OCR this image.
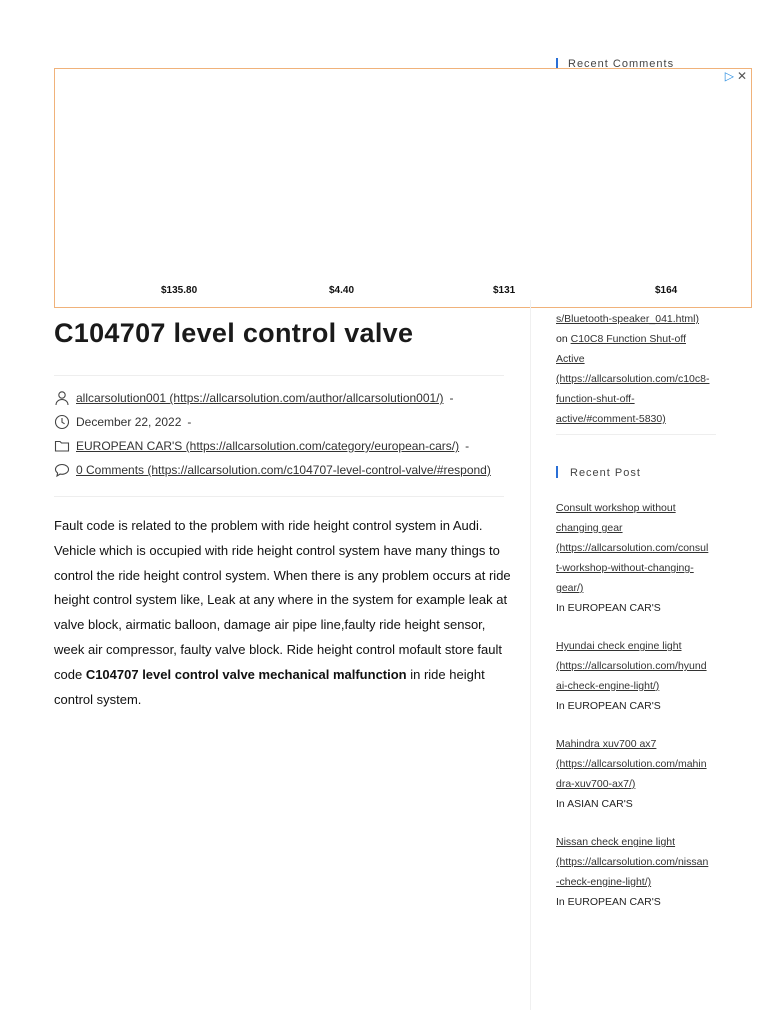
▷ ✕
$135.80	$4.40	$131	$164
Recent Comments
s/Bluetooth-speaker_041.html)
on C10C8 Function Shut-off
Active
(https://allcarsolution.com/c10c8-
function-shut-off-
active/#comment-5830)
Recent Post
Consult workshop without
changing gear
(https://allcarsolution.com/consul
t-workshop-without-changing-
gear/)
In EUROPEAN CAR'S
Hyundai check engine light
(https://allcarsolution.com/hyund
ai-check-engine-light/)
In EUROPEAN CAR'S
Mahindra xuv700 ax7
(https://allcarsolution.com/mahin
dra-xuv700-ax7/)
In ASIAN CAR'S
Nissan check engine light
(https://allcarsolution.com/nissan
-check-engine-light/)
In EUROPEAN CAR'S
C104707 level control valve
allcarsolution001 (https://allcarsolution.com/author/allcarsolution001/) -
December 22, 2022 -
EUROPEAN CAR'S (https://allcarsolution.com/category/european-cars/) -
0 Comments (https://allcarsolution.com/c104707-level-control-valve/#respond)

Fault code is related to the problem with ride height control system in Audi. Vehicle which is occupied with ride height control system have many things to control the ride height control system. When there is any problem occurs at ride height control system like, Leak at any where in the system for example leak at valve block, airmatic balloon, damage air pipe line,faulty ride height sensor, week air compressor, faulty valve block. Ride height control mofault store fault code C104707 level control valve mechanical malfunction in ride height control system.
